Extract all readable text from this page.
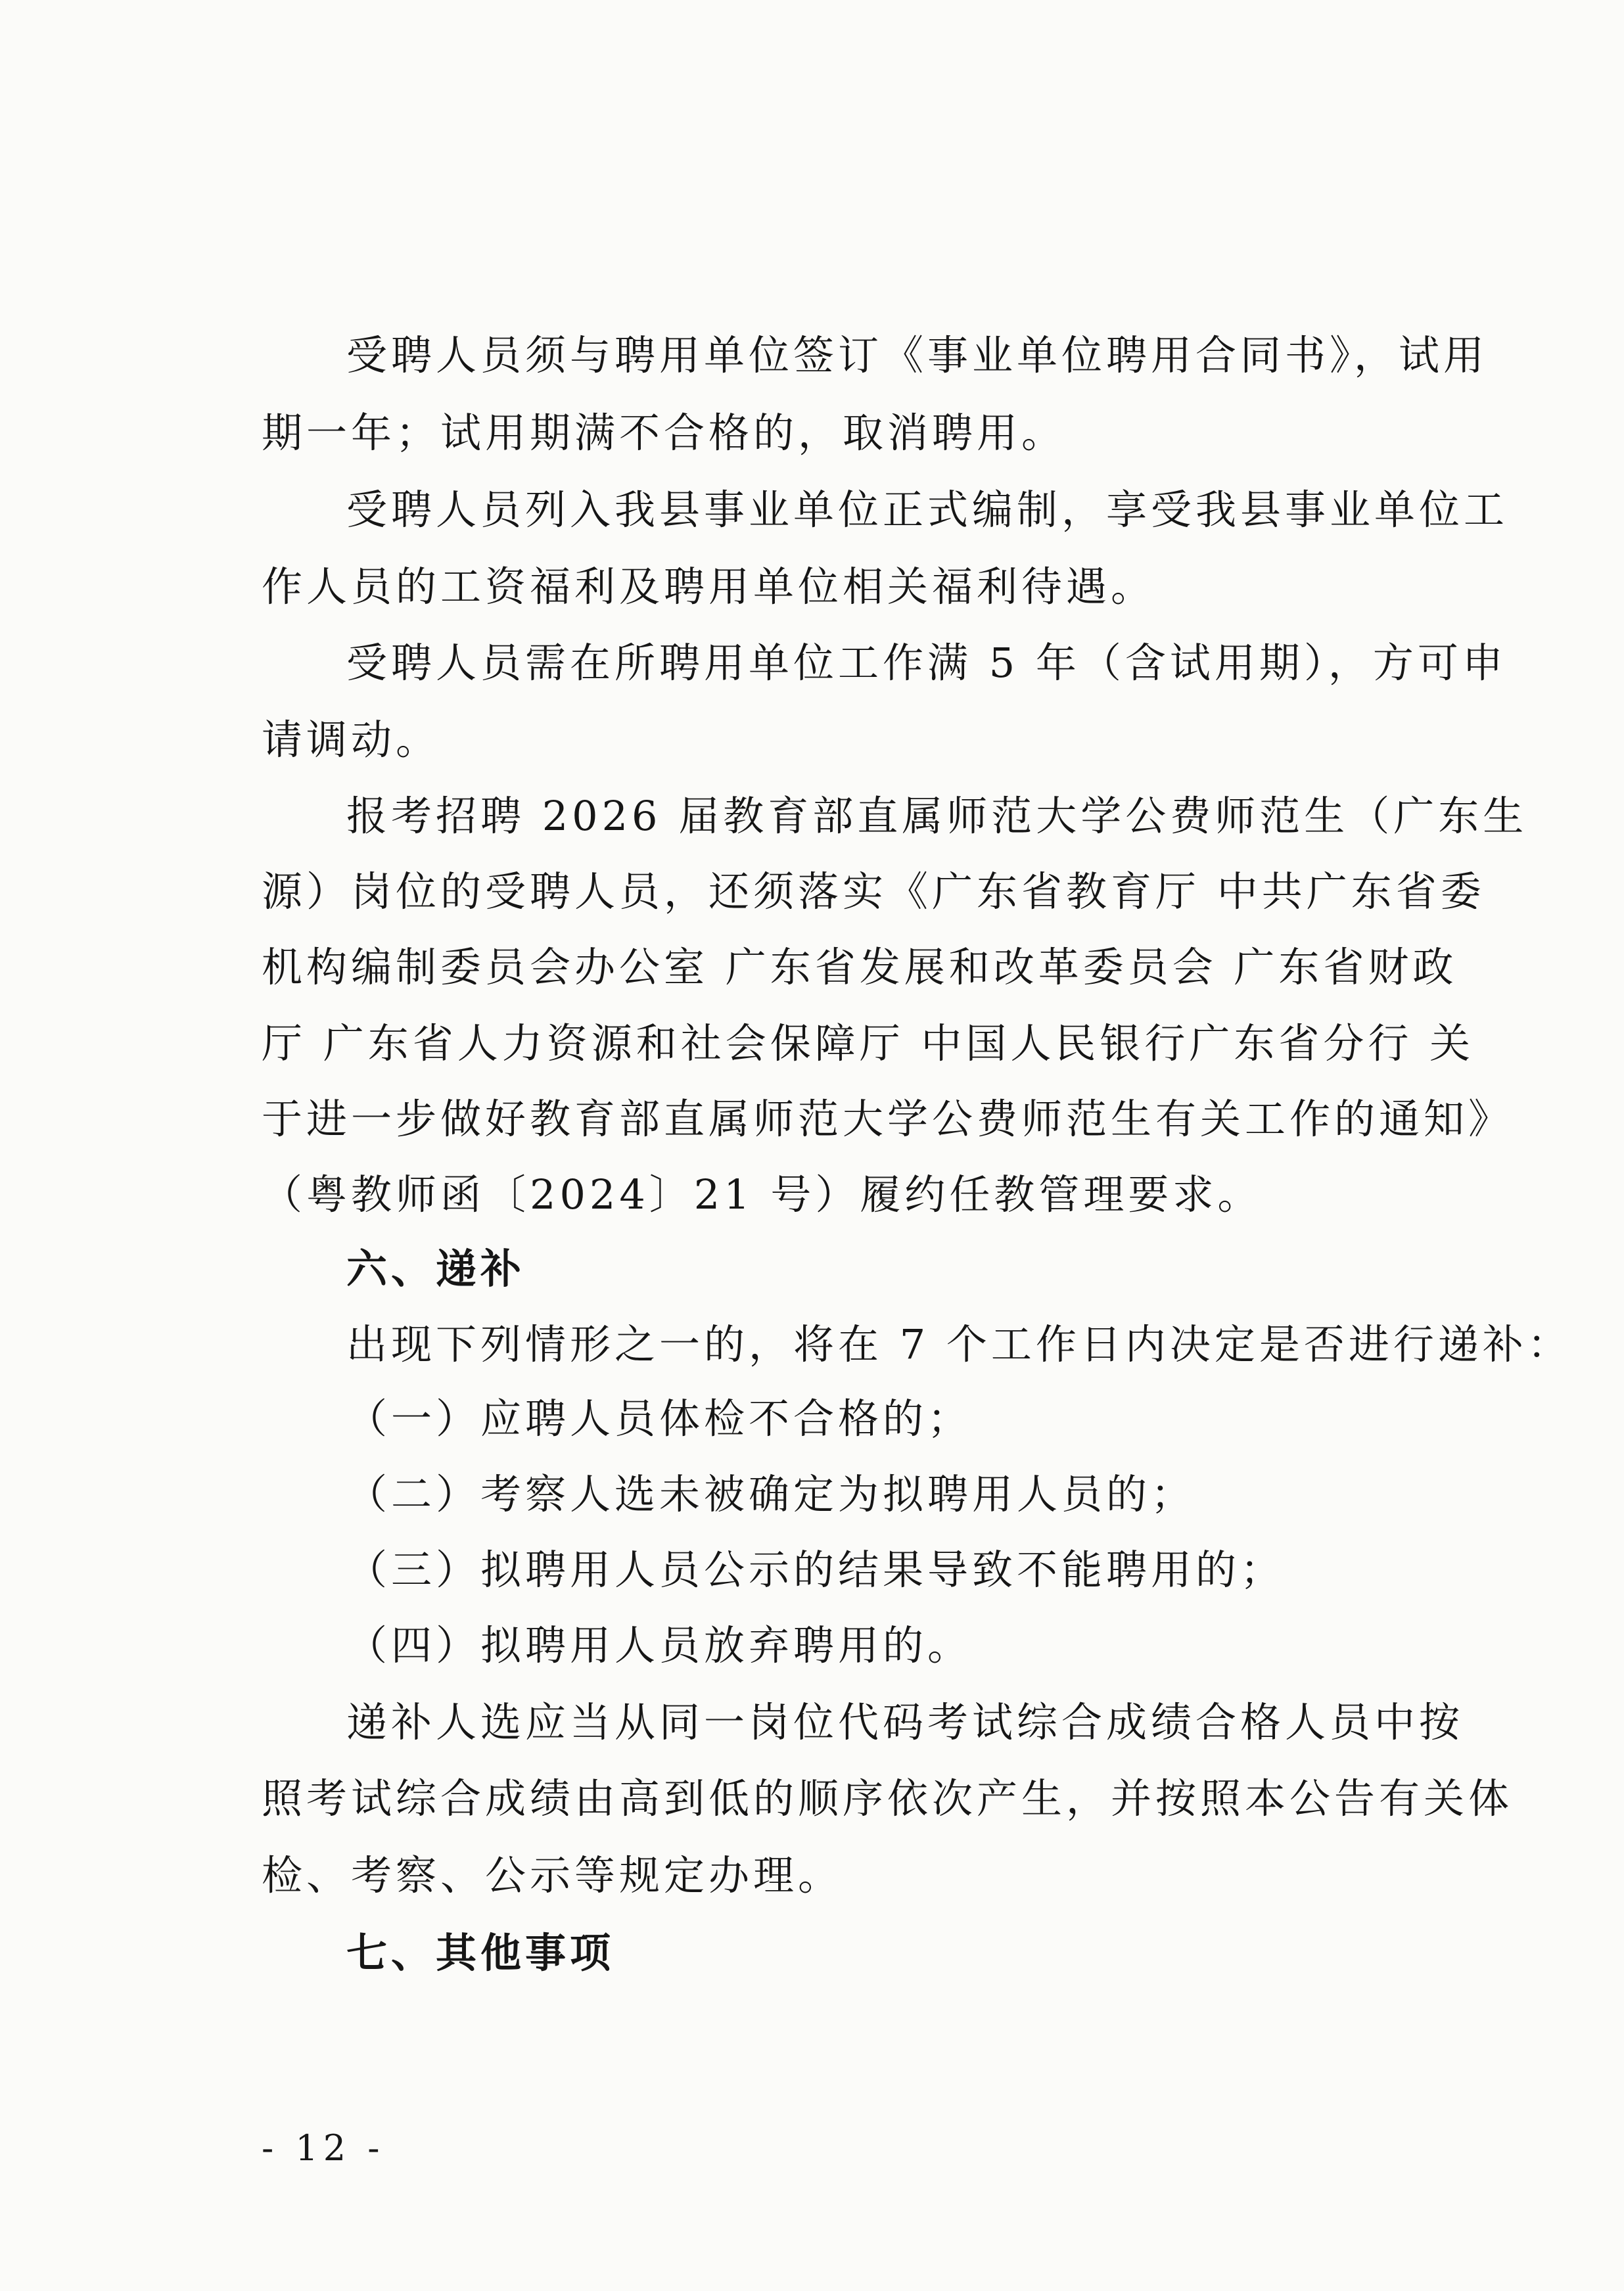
受聘人员须与聘用单位签订《事业单位聘用合同书》，试用

期一年；试用期满不合格的，取消聘用。

受聘人员列入我县事业单位正式编制，享受我县事业单位工

作人员的工资福利及聘用单位相关福利待遇。

受聘人员需在所聘用单位工作满 5 年（含试用期），方可申

请调动。

报考招聘 2026 届教育部直属师范大学公费师范生（广东生

源）岗位的受聘人员，还须落实《广东省教育厅 中共广东省委

机构编制委员会办公室 广东省发展和改革委员会 广东省财政

厅 广东省人力资源和社会保障厅 中国人民银行广东省分行 关

于进一步做好教育部直属师范大学公费师范生有关工作的通知》

（粤教师函〔2024〕21 号）履约任教管理要求。

六、递补

出现下列情形之一的，将在 7 个工作日内决定是否进行递补：

（一）应聘人员体检不合格的；

（二）考察人选未被确定为拟聘用人员的；

（三）拟聘用人员公示的结果导致不能聘用的；

（四）拟聘用人员放弃聘用的。

递补人选应当从同一岗位代码考试综合成绩合格人员中按

照考试综合成绩由高到低的顺序依次产生，并按照本公告有关体

检、考察、公示等规定办理。

七、其他事项

- 12 -
